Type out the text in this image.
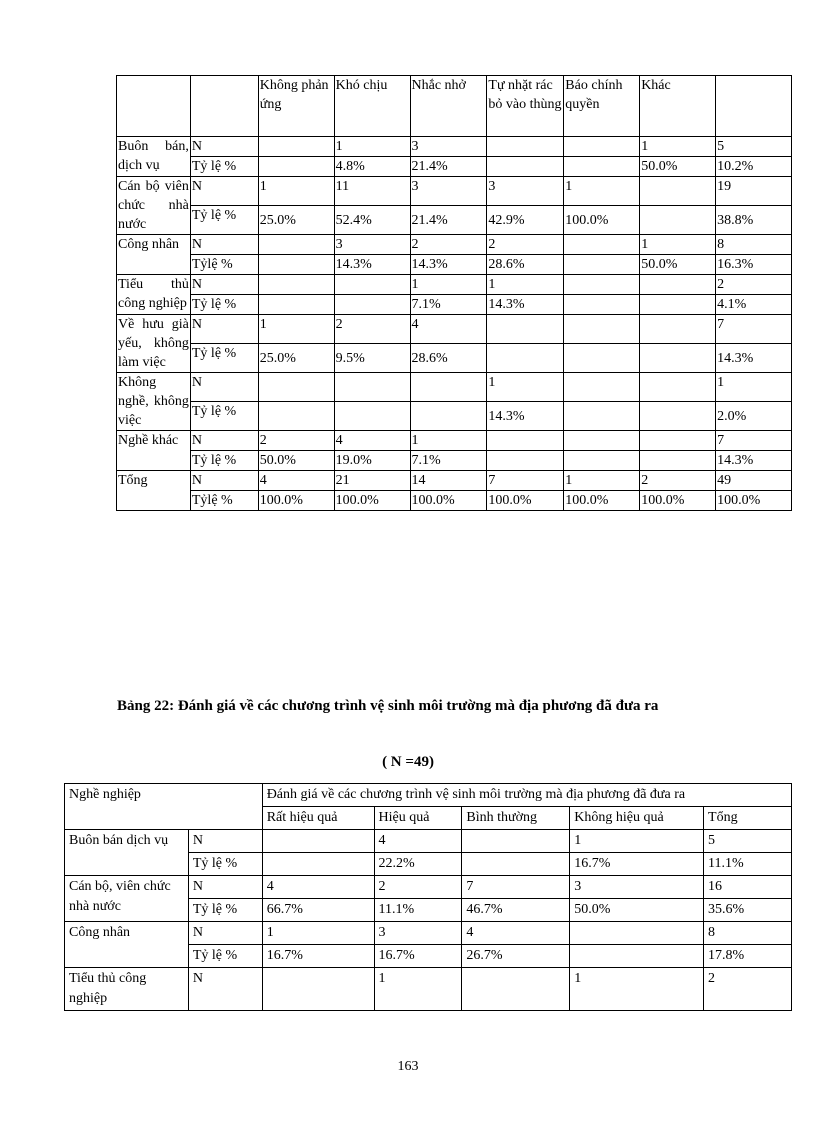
		Không phản ứng	Khó chịu	Nhắc nhở	Tự nhặt rác bỏ vào thùng	Báo chính quyền	Khác	
Buôn bán, dịch vụ	N		1	3			1	5
	Tỷ lệ %		4.8%	21.4%			50.0%	10.2%
Cán bộ viên chức nhà nước	N	1	11	3	3	1		19
	Tỷ lệ %	25.0%	52.4%	21.4%	42.9%	100.0%		38.8%
Công nhân	N		3	2	2		1	8
	Tỷlệ %		14.3%	14.3%	28.6%		50.0%	16.3%
Tiểu thủ công nghiệp	N			1	1			2
	Tỷ lệ %			7.1%	14.3%			4.1%
Về hưu già yếu, không làm việc	N	1	2	4				7
	Tỷ lệ %	25.0%	9.5%	28.6%				14.3%
Không nghề, không việc	N				1			1
	Tỷ lệ %				14.3%			2.0%
Nghề khác	N	2	4	1				7
	Tỷ lệ %	50.0%	19.0%	7.1%				14.3%
Tổng	N	4	21	14	7	1	2	49
	Tỷlệ %	100.0%	100.0%	100.0%	100.0%	100.0%	100.0%	100.0%
Bảng 22: Đánh giá về các chương trình vệ sinh môi trường mà địa phương đã đưa ra
( N =49)
Nghề nghiệp		Đánh giá về các chương trình vệ sinh môi trường mà địa phương đã đưa ra				
		Rất hiệu quả	Hiệu quả	Bình thường	Không hiệu quả	Tổng
Buôn bán dịch vụ	N		4		1	5
	Tỷ lệ %		22.2%		16.7%	11.1%
Cán bộ, viên chức nhà nước	N	4	2	7	3	16
	Tỷ lệ %	66.7%	11.1%	46.7%	50.0%	35.6%
Công nhân	N	1	3	4		8
	Tỷ lệ %	16.7%	16.7%	26.7%		17.8%
Tiểu thủ công nghiệp	N		1		1	2
163
